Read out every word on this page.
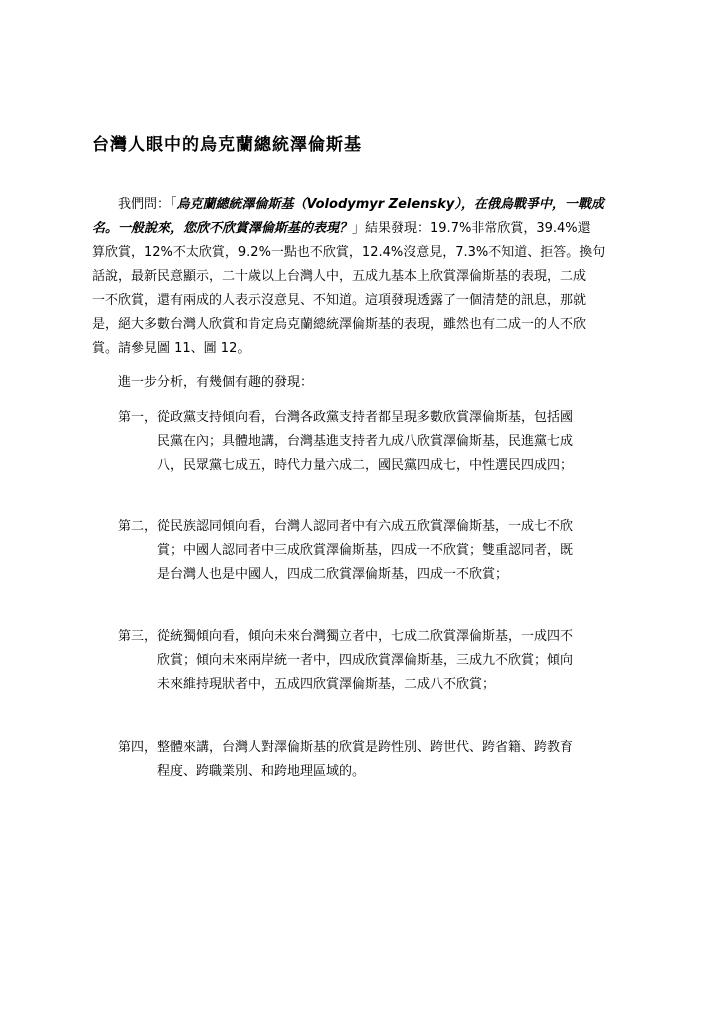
台灣人眼中的烏克蘭總統澤倫斯基
我們問：「烏克蘭總統澤倫斯基（Volodymyr Zelensky），在俄烏戰爭中，一戰成
名。一般說來，您欣不欣賞澤倫斯基的表現？」結果發現：19.7%非常欣賞，39.4%還
算欣賞，12%不太欣賞，9.2%一點也不欣賞，12.4%沒意見，7.3%不知道、拒答。換句
話說，最新民意顯示，二十歲以上台灣人中，五成九基本上欣賞澤倫斯基的表現，二成
一不欣賞，還有兩成的人表示沒意見、不知道。這項發現透露了一個清楚的訊息，那就
是，絕大多數台灣人欣賞和肯定烏克蘭總統澤倫斯基的表現，雖然也有二成一的人不欣
賞。請參見圖 11、圖 12。
進一步分析，有幾個有趣的發現：
第一，從政黨支持傾向看，台灣各政黨支持者都呈現多數欣賞澤倫斯基，包括國
民黨在內；具體地講，台灣基進支持者九成八欣賞澤倫斯基，民進黨七成
八，民眾黨七成五，時代力量六成二，國民黨四成七，中性選民四成四；
第二，從民族認同傾向看，台灣人認同者中有六成五欣賞澤倫斯基，一成七不欣
賞；中國人認同者中三成欣賞澤倫斯基，四成一不欣賞；雙重認同者，既
是台灣人也是中國人，四成二欣賞澤倫斯基，四成一不欣賞；
第三，從統獨傾向看，傾向未來台灣獨立者中，七成二欣賞澤倫斯基，一成四不
欣賞；傾向未來兩岸統一者中，四成欣賞澤倫斯基，三成九不欣賞；傾向
未來維持現狀者中，五成四欣賞澤倫斯基，二成八不欣賞；
第四，整體來講，台灣人對澤倫斯基的欣賞是跨性別、跨世代、跨省籍、跨教育
程度、跨職業別、和跨地理區域的。
